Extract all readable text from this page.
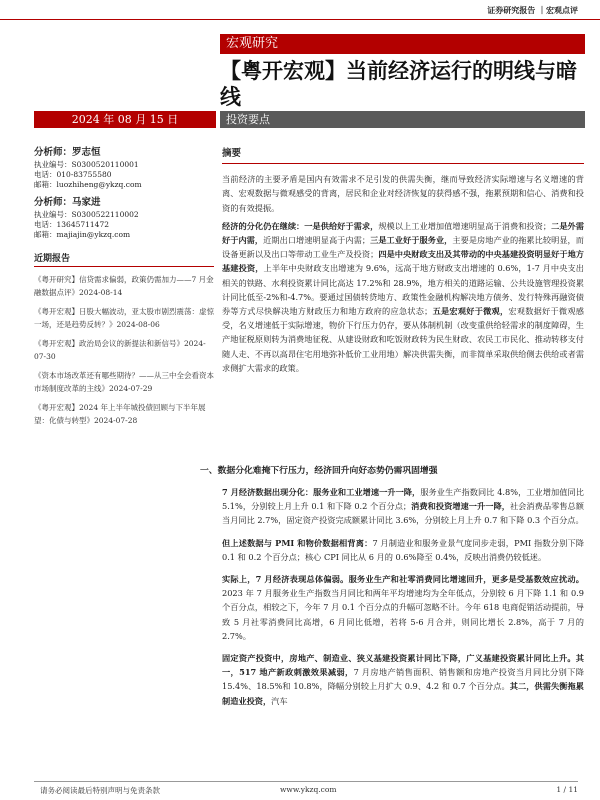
证券研究报告 ｜宏观点评
宏观研究
【粤开宏观】当前经济运行的明线与暗线
2024 年 08 月 15 日	投资要点
分析师：罗志恒
执业编号：S0300520110001
电话：010-83755580
邮箱：luozhiheng@ykzq.com
分析师：马家进
执业编号：S0300522110002
电话：13645711472
邮箱：majiajin@ykzq.com
近期报告
《粤开研究】信贷需求偏弱，政策仍需加力——7 月金融数据点评》2024-08-14
《粤开宏观】日股大幅波动，亚太股市剧烈震荡：虚惊一场，还是趋势反转？》2024-08-06
《粤开宏观】政治局会议的新提法和新信号》2024-07-30
《资本市场改革还有哪些期待？——从三中全会看资本市场制度改革的主线》2024-07-29
《粤开宏观】2024 年上半年城投债回顾与下半年展望：化债与转型》2024-07-28
摘要

当前经济的主要矛盾是国内有效需求不足引发的供需失衡，继而导致经济实际增速与名义增速的背离、宏观数据与微观感受的背离，居民和企业对经济恢复的获得感不强，拖累预期和信心、消费和投资的有效提振。

经济的分化仍在继续：一是供给好于需求，规模以上工业增加值增速明显高于消费和投资；二是外需好于内需，近期出口增速明显高于内需；三是工业好于服务业，主要是房地产业的拖累比较明显，而设备更新以及出口等带动工业生产及投资；四是中央财政支出及其带动的中央基建投资明显好于地方基建投资，上半年中央财政支出增速为 9.6%，远高于地方财政支出增速的 0.6%，1-7 月中央支出相关的铁路、水利投资累计同比高达 17.2%和 28.9%，地方相关的道路运输、公共设施管理投资累计同比低至-2%和-4.7%。要通过国债转贷地方、政策性金融机构解决地方债务、发行特殊再融资债券等方式尽快解决地方财政压力和地方政府的应急状态；五是宏观好于微观，宏观数据好于微观感受，名义增速低于实际增速，物价下行压力仍存，要从体制机制（改变重供给轻需求的制度障碍，生产地征税原则转为消费地征税、从建设财政和吃饭财政转为民生财政、农民工市民化、推动转移支付随人走、不再以高昂住宅用地弥补低价工业用地）解决供需失衡，而非简单采取供给侧去供给或者需求侧扩大需求的政策。

一、数据分化难掩下行压力，经济回升向好态势仍需巩固增强

7 月经济数据出现分化：服务业和工业增速一升一降，服务业生产指数同比 4.8%，工业增加值同比 5.1%，分别较上月上升 0.1 和下降 0.2 个百分点；消费和投资增速一升一降，社会消费品零售总额当月同比 2.7%，固定资产投资完成额累计同比 3.6%，分别较上月上升 0.7 和下降 0.3 个百分点。

但上述数据与 PMI 和物价数据相背离：7 月制造业和服务业景气度同步走弱，PMI 指数分别下降 0.1 和 0.2 个百分点；核心 CPI 同比从 6 月的 0.6%降至 0.4%，反映出消费仍较低迷。

实际上，7 月经济表现总体偏弱。服务业生产和社零消费同比增速回升，更多是受基数效应扰动。2023 年 7 月服务业生产指数当月同比和两年平均增速均为全年低点，分别较 6 月下降 1.1 和 0.9 个百分点，相较之下，今年 7 月 0.1 个百分点的升幅可忽略不计。今年 618 电商促销活动提前，导致 5 月社零消费同比高增，6 月同比低增，若将 5-6 月合并，则同比增长 2.8%，高于 7 月的 2.7%。

固定资产投资中，房地产、制造业、狭义基建投资累计同比下降，广义基建投资累计同比上升。其一，517 地产新政刺激效果减弱，7 月房地产销售面积、销售额和房地产投资当月同比分别下降 15.4%、18.5%和 10.8%，降幅分别较上月扩大 0.9、4.2 和 0.7 个百分点。其二，供需失衡拖累制造业投资，汽车

请务必阅读最后特别声明与免责条款	www.ykzq.com	1 / 11
